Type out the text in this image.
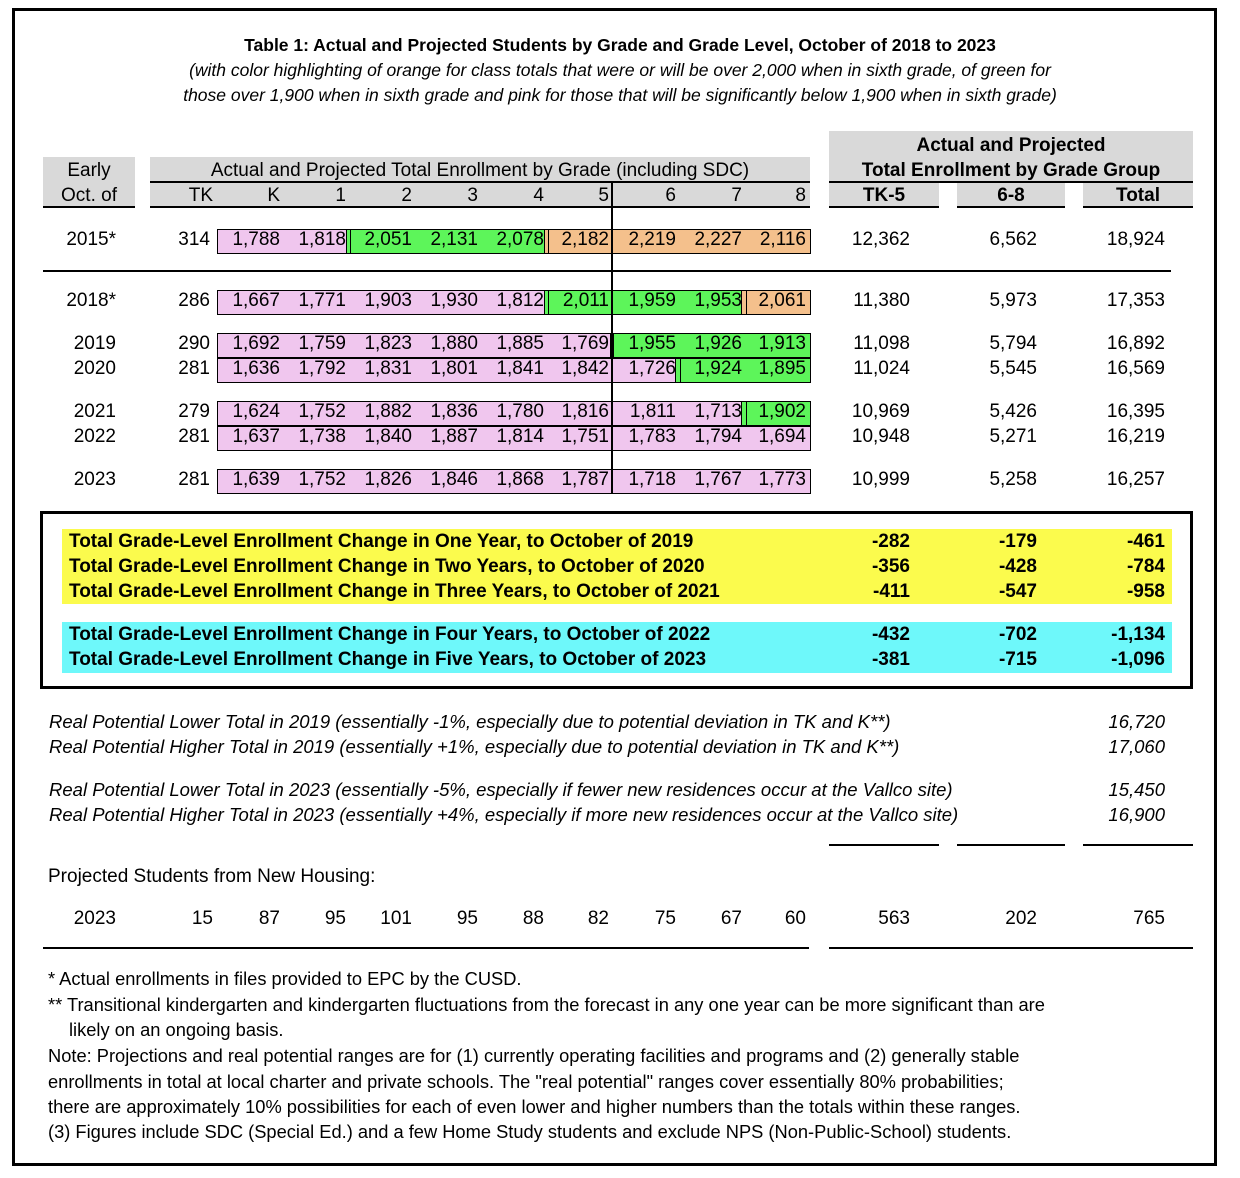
Table 1: Actual and Projected Students by Grade and Grade Level, October of 2018 to 2023
(with color highlighting of orange for class totals that were or will be over 2,000 when in sixth grade, of green for
those over 1,900 when in sixth grade and pink for those that will be significantly below 1,900 when in sixth grade)
Early
Oct. of
Actual and Projected Total Enrollment by Grade (including SDC)
Actual and Projected
Total Enrollment by Grade Group
TK	K	1	2	3	4	5	6	7	8	TK-5	6-8	Total
2015*	314	1,788 1,818 2,051 2,131 2,078 2,182	2,219 2,227 2,116	12,362	6,562	18,924
2018*	286	1,667 1,771 1,903 1,930 1,812 2,011	1,959 1,953 2,061	11,380	5,973	17,353
2019	290	1,692 1,759 1,823 1,880 1,885 1,769	1,955 1,926 1,913	11,098	5,794	16,892
2020	281	1,636 1,792 1,831 1,801 1,841 1,842	1,726 1,924 1,895	11,024	5,545	16,569
2021	279	1,624 1,752 1,882 1,836 1,780 1,816	1,811 1,713 1,902	10,969	5,426	16,395
2022	281	1,637 1,738 1,840 1,887 1,814 1,751	1,783 1,794 1,694	10,948	5,271	16,219
2023	281	1,639 1,752 1,826 1,846 1,868 1,787	1,718 1,767 1,773	10,999	5,258	16,257
Total Grade-Level Enrollment Change in One Year, to October of 2019	-282	-179	-461
Total Grade-Level Enrollment Change in Two Years, to October of 2020	-356	-428	-784
Total Grade-Level Enrollment Change in Three Years, to October of 2021	-411	-547	-958
Total Grade-Level Enrollment Change in Four Years, to October of 2022	-432	-702	-1,134
Total Grade-Level Enrollment Change in Five Years, to October of 2023	-381	-715	-1,096
Real Potential Lower Total in 2019 (essentially -1%, especially due to potential deviation in TK and K**)	16,720
Real Potential Higher Total in 2019 (essentially +1%, especially due to potential deviation in TK and K**)	17,060
Real Potential Lower Total in 2023 (essentially -5%, especially if fewer new residences occur at the Vallco site)	15,450
Real Potential Higher Total in 2023 (essentially +4%, especially if more new residences occur at the Vallco site)	16,900
Projected Students from New Housing:
2023	15	87	95	101	95	88	82	75	67	60	563	202	765
* Actual enrollments in files provided to EPC by the CUSD.
** Transitional kindergarten and kindergarten fluctuations from the forecast in any one year can be more significant than are
likely on an ongoing basis.
Note: Projections and real potential ranges are for (1) currently operating facilities and programs and (2) generally stable
enrollments in total at local charter and private schools. The "real potential" ranges cover essentially 80% probabilities;
there are approximately 10% possibilities for each of even lower and higher numbers than the totals within these ranges.
(3) Figures include SDC (Special Ed.) and a few Home Study students and exclude NPS (Non-Public-School) students.
